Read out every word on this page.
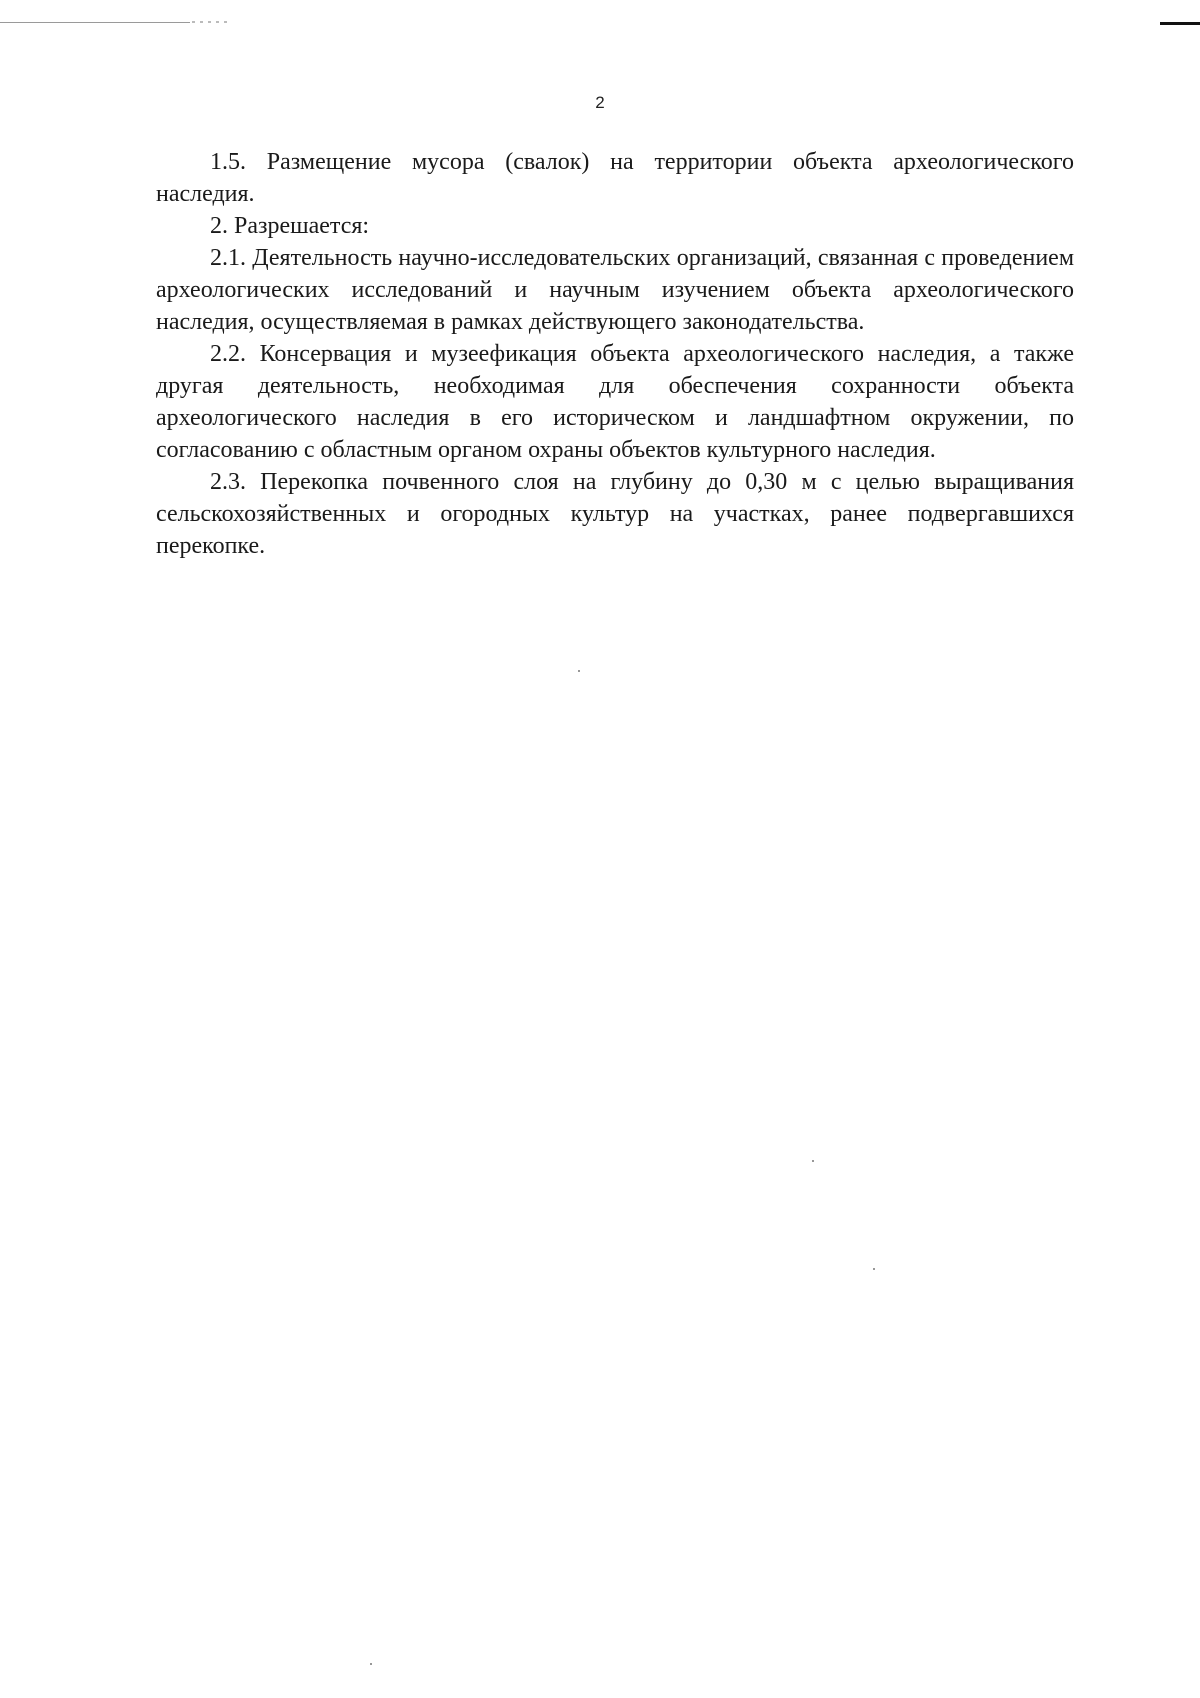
2

1.5. Размещение мусора (свалок) на территории объекта археологического наследия.

2. Разрешается:

2.1. Деятельность научно-исследовательских организаций, связанная с проведением археологических исследований и научным изучением объекта археологического наследия, осуществляемая в рамках действующего законодательства.

2.2. Консервация и музеефикация объекта археологического наследия, а также другая деятельность, необходимая для обеспечения сохранности объекта археологического наследия в его историческом и ландшафтном окружении, по согласованию с областным органом охраны объектов культурного наследия.

2.3. Перекопка почвенного слоя на глубину до 0,30 м с целью выращивания сельскохозяйственных и огородных культур на участках, ранее подвергавшихся перекопке.
